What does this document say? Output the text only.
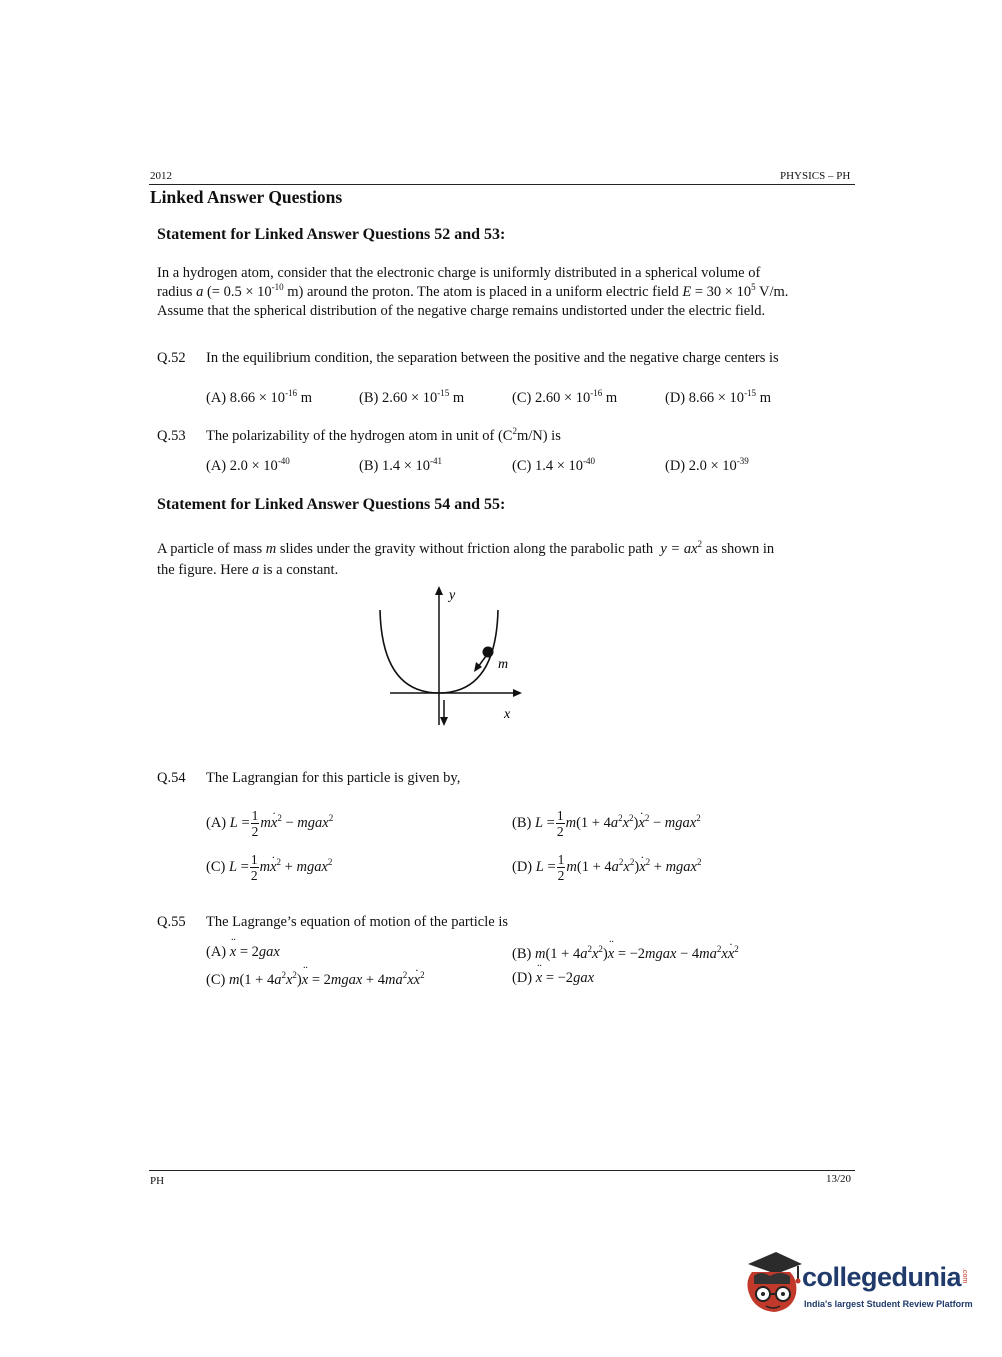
2012	PHYSICS – PH
Linked Answer Questions
Statement for Linked Answer Questions 52 and 53:
In a hydrogen atom, consider that the electronic charge is uniformly distributed in a spherical volume of
radius a (= $0.5 \times 10^{-10}$ m) around the proton. The atom is placed in a uniform electric field $E = 30 \times 10^5$ V/m.
Assume that the spherical distribution of the negative charge remains undistorted under the electric field.
Q.52 In the equilibrium condition, the separation between the positive and the negative charge centers is
(A) $8.66 \times 10^{-16}$ m	(B) $2.60 \times 10^{-15}$ m	(C) $2.60 \times 10^{-16}$ m	(D) $8.66 \times 10^{-15}$ m
Q.53 The polarizability of the hydrogen atom in unit of $(C^2m/N)$ is
(A) $2.0 \times 10^{-40}$	(B) $1.4 \times 10^{-41}$	(C) $1.4 \times 10^{-40}$	(D) $2.0 \times 10^{-39}$
Statement for Linked Answer Questions 54 and 55:
A particle of mass m slides under the gravity without friction along the parabolic path  $y = ax^2$ as shown in
the figure. Here a is a constant.
y
x
m
Q.54 The Lagrangian for this particle is given by,
(A) $L = \frac{1}{2} m\cdot x^2$ − mgax$^2$	(B) $L = \frac{1}{2} m(1 + 4a^2x^2)\cdot x^2$ − mgax$^2$
(C) $L = \frac{1}{2} m\cdot x^2$ + mgax$^2$	(D) $L = \frac{1}{2} m(1 + 4a^2x^2)\cdot x^2$ + mgax$^2$
Q.55 The Lagrange’s equation of motion of the particle is
(A) ·· x = 2gax	(B) $m(1 + 4a^2x^2)\cdot\cdot x$ = −2mgax − $4ma^2x\cdot x^2$
(C) $m(1 + 4a^2x^2)\cdot\cdot x$ = 2mgax + $4ma^2x\cdot x^2$	(D) ·· x = −2gax
PH	13/20
collegedunia .com
India's largest Student Review Platform
